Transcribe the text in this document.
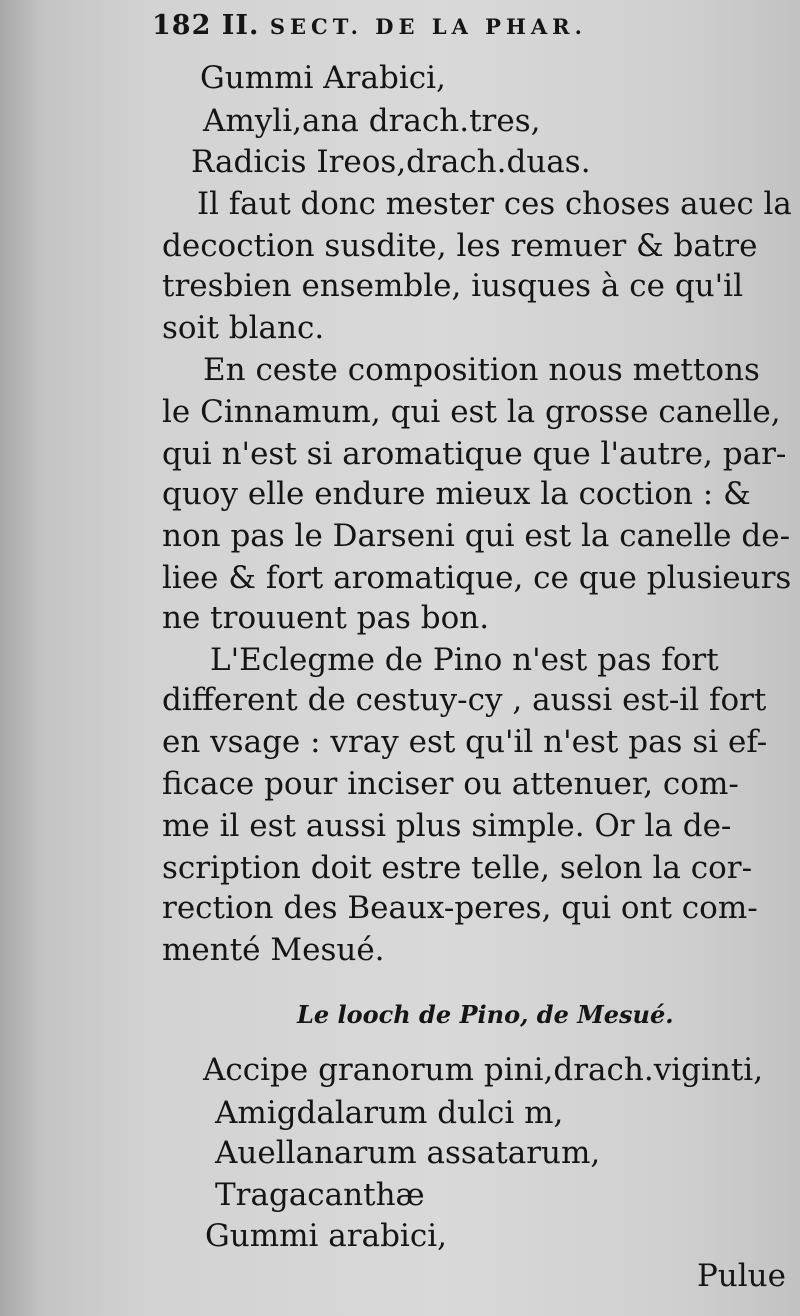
182 II. SECT. DE LA PHAR.
Gummi Arabici,
Amyli,ana drach.tres,
Radicis Ireos,drach.duas.
Il faut donc mester ces choses auec la
decoction susdite, les remuer & batre
tresbien ensemble, iusques à ce qu'il
soit blanc.
En ceste composition nous mettons
le Cinnamum, qui est la grosse canelle,
qui n'est si aromatique que l'autre, par-
quoy elle endure mieux la coction : &
non pas le Darseni qui est la canelle de-
liee & fort aromatique, ce que plusieurs
ne trouuent pas bon.
L'Eclegme de Pino n'est pas fort
different de cestuy-cy , aussi est-il fort
en vsage : vray est qu'il n'est pas si ef-
ficace pour inciser ou attenuer, com-
me il est aussi plus simple. Or la de-
scription doit estre telle, selon la cor-
rection des Beaux-peres, qui ont com-
menté Mesué.
Le looch de Pino, de Mesué.
Accipe granorum pini,drach.viginti,
Amigdalarum dulci m,
Auellanarum assatarum,
Tragacanthæ
Gummi arabici,
Pulue
